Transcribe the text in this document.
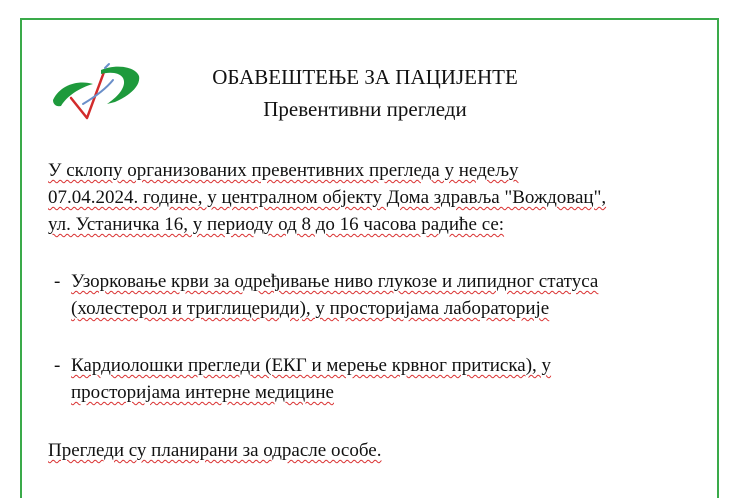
ОБАВЕШТЕЊЕ ЗА ПАЦИЈЕНТЕ
Превентивни прегледи
У склопу организованих превентивних прегледа у недељу
07.04.2024. године, у централном објекту Дома здравља "Вождовац",
ул. Устаничка 16, у периоду од 8 до 16 часова радиће се:
- Узорковање крви за одређивање ниво глукозе и липидног статуса
(холестерол и триглицериди), у просторијама лабораторије
- Кардиолошки прегледи (ЕКГ и мерење крвног притиска), у
просторијама интерне медицине
Прегледи су планирани за одрасле особе.
